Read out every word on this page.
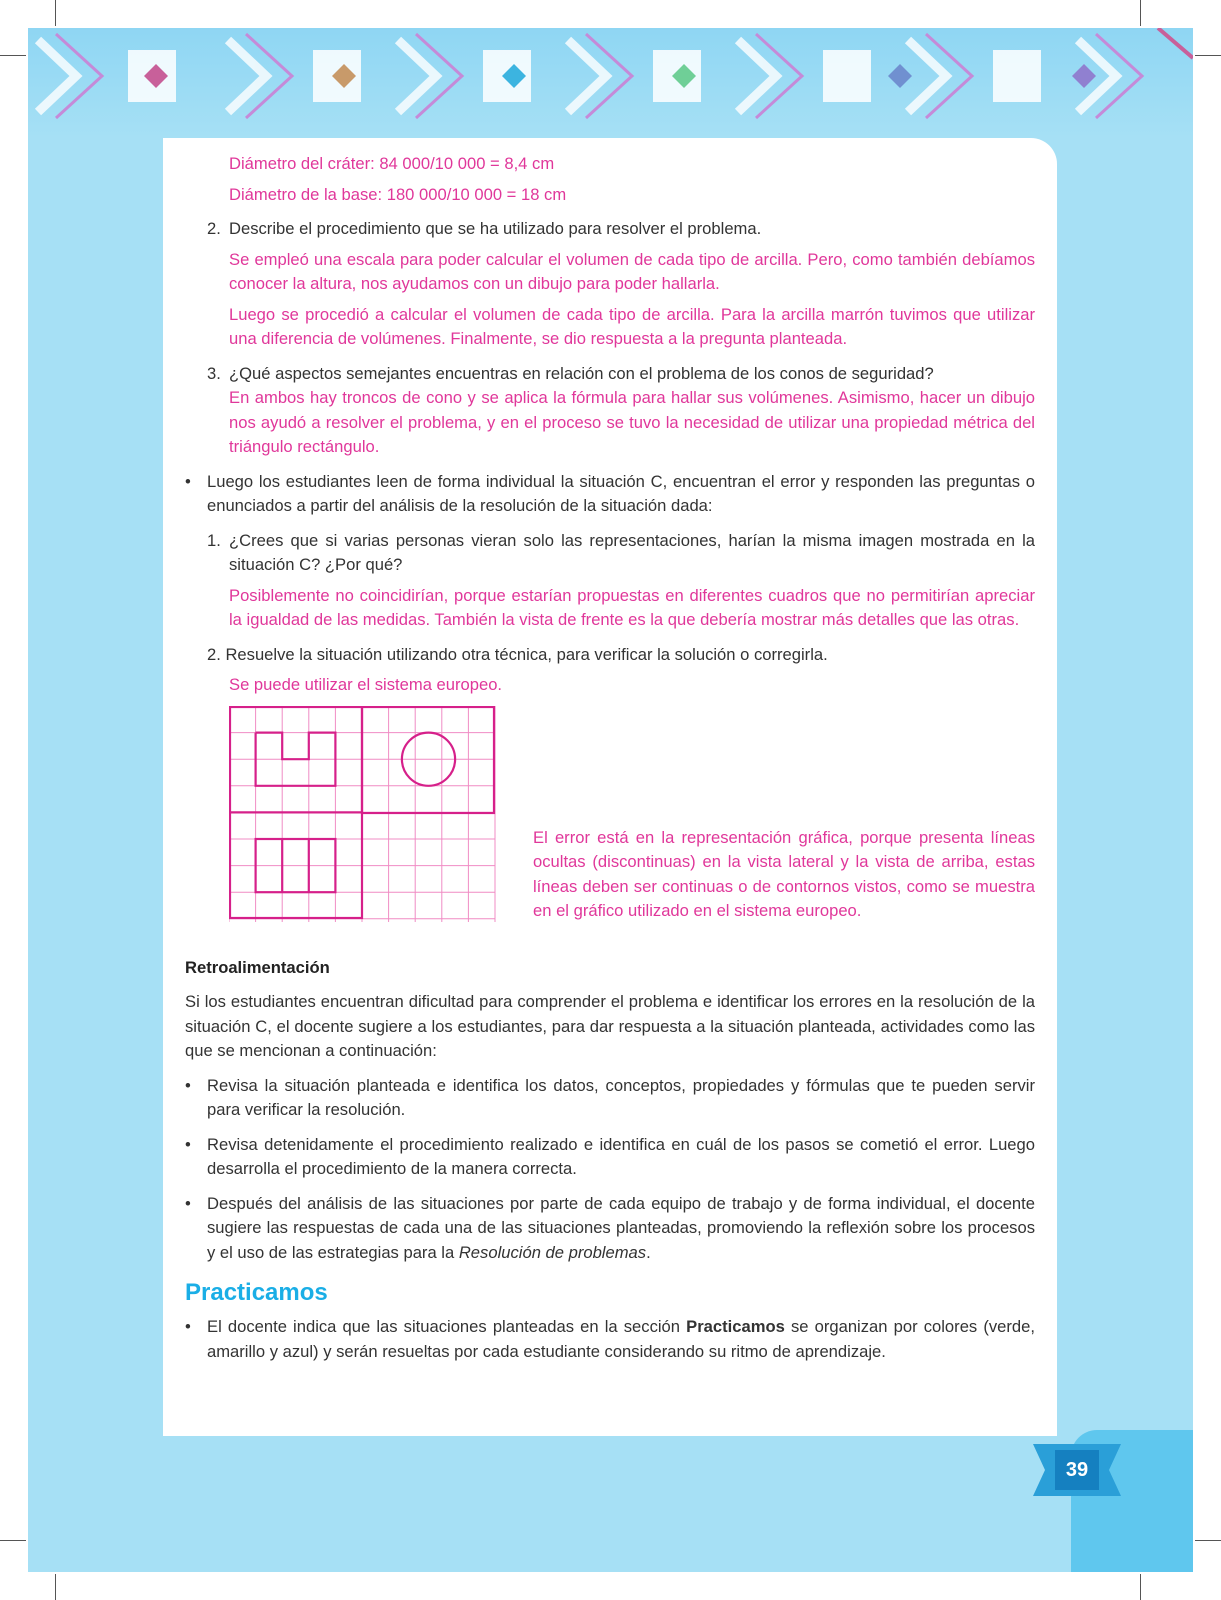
Diámetro del cráter: 84 000/10 000 = 8,4 cm

Diámetro de la base: 180 000/10 000 = 18 cm

2. Describe el procedimiento que se ha utilizado para resolver el problema.

Se empleó una escala para poder calcular el volumen de cada tipo de arcilla. Pero, como también debíamos conocer la altura, nos ayudamos con un dibujo para poder hallarla.

Luego se procedió a calcular el volumen de cada tipo de arcilla. Para la arcilla marrón tuvimos que utilizar una diferencia de volúmenes. Finalmente, se dio respuesta a la pregunta planteada.

3. ¿Qué aspectos semejantes encuentras en relación con el problema de los conos de seguridad?

En ambos hay troncos de cono y se aplica la fórmula para hallar sus volúmenes. Asimismo, hacer un dibujo nos ayudó a resolver el problema, y en el proceso se tuvo la necesidad de utilizar una propiedad métrica del triángulo rectángulo.

• Luego los estudiantes leen de forma individual la situación C, encuentran el error y responden las preguntas o enunciados a partir del análisis de la resolución de la situación dada:
1. ¿Crees que si varias personas vieran solo las representaciones, harían la misma imagen mostrada en la situación C? ¿Por qué?

Posiblemente no coincidirían, porque estarían propuestas en diferentes cuadros que no permitirían apreciar la igualdad de las medidas. También la vista de frente es la que debería mostrar más detalles que las otras.

2. Resuelve la situación utilizando otra técnica, para verificar la solución o corregirla.

Se puede utilizar el sistema europeo.

El error está en la representación gráfica, porque presenta líneas ocultas (discontinuas) en la vista lateral y la vista de arriba, estas líneas deben ser continuas o de contornos vistos, como se muestra en el gráfico utilizado en el sistema europeo.

Retroalimentación

Si los estudiantes encuentran dificultad para comprender el problema e identificar los errores en la resolución de la situación C, el docente sugiere a los estudiantes, para dar respuesta a la situación planteada, actividades como las que se mencionan a continuación:

• Revisa la situación planteada e identifica los datos, conceptos, propiedades y fórmulas que te pueden servir para verificar la resolución.
• Revisa detenidamente el procedimiento realizado e identifica en cuál de los pasos se cometió el error. Luego desarrolla el procedimiento de la manera correcta.
• Después del análisis de las situaciones por parte de cada equipo de trabajo y de forma individual, el docente sugiere las respuestas de cada una de las situaciones planteadas, promoviendo la reflexión sobre los procesos y el uso de las estrategias para la Resolución de problemas.

Practicamos

• El docente indica que las situaciones planteadas en la sección Practicamos se organizan por colores (verde, amarillo y azul) y serán resueltas por cada estudiante considerando su ritmo de aprendizaje.
39
